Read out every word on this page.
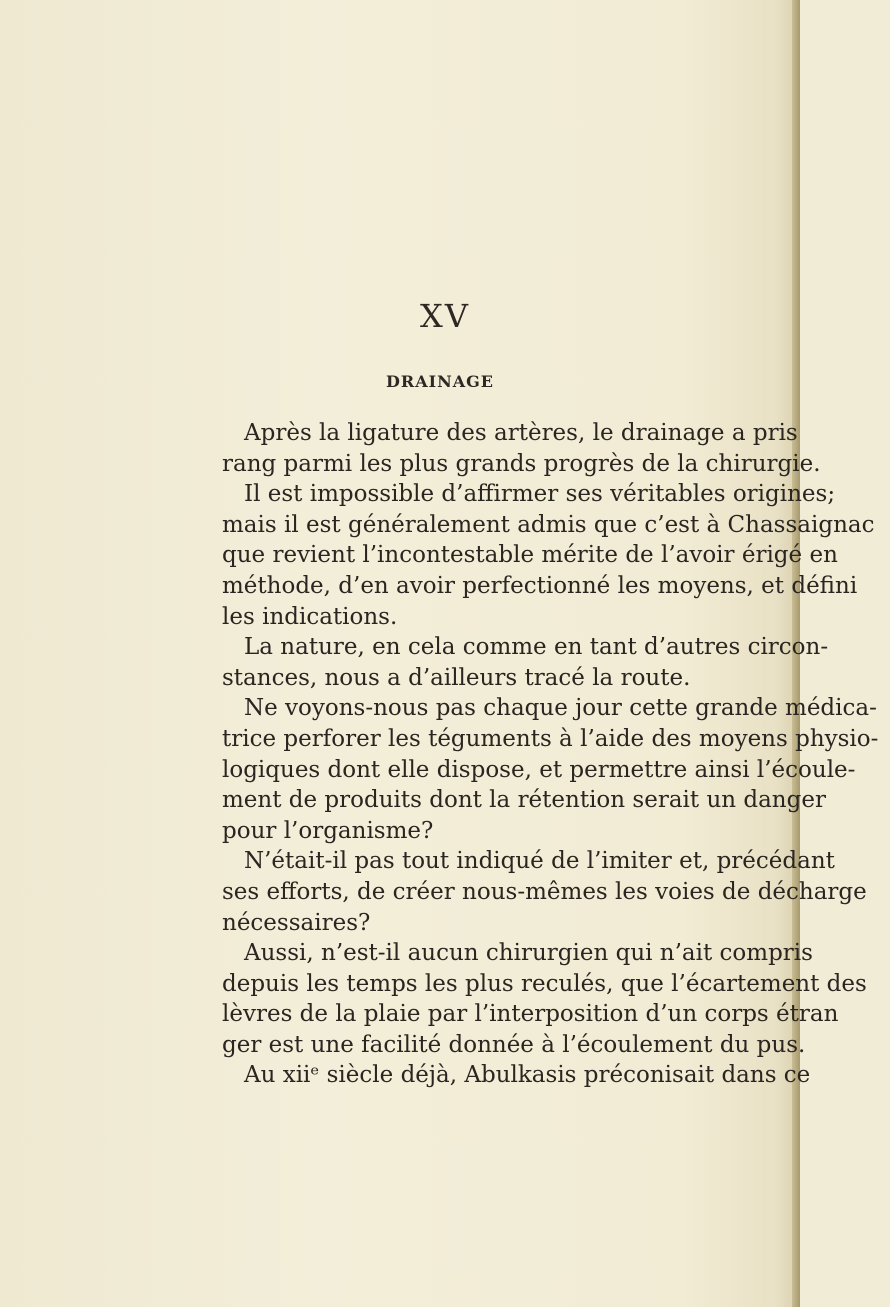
XV
DRAINAGE
Après la ligature des artères, le drainage a pris
rang parmi les plus grands progrès de la chirurgie.
Il est impossible d’affirmer ses véritables origines;
mais il est généralement admis que c’est à Chassaignac
que revient l’incontestable mérite de l’avoir érigé en
méthode, d’en avoir perfectionné les moyens, et défini
les indications.
La nature, en cela comme en tant d’autres circon-
stances, nous a d’ailleurs tracé la route.
Ne voyons-nous pas chaque jour cette grande médica-
trice perforer les téguments à l’aide des moyens physio-
logiques dont elle dispose, et permettre ainsi l’écoule-
ment de produits dont la rétention serait un danger
pour l’organisme?
N’était-il pas tout indiqué de l’imiter et, précédant
ses efforts, de créer nous-mêmes les voies de décharge
nécessaires?
Aussi, n’est-il aucun chirurgien qui n’ait compris
depuis les temps les plus reculés, que l’écartement des
lèvres de la plaie par l’interposition d’un corps étran
ger est une facilité donnée à l’écoulement du pus.
Au xiiᵉ siècle déjà, Abulkasis préconisait dans ce
